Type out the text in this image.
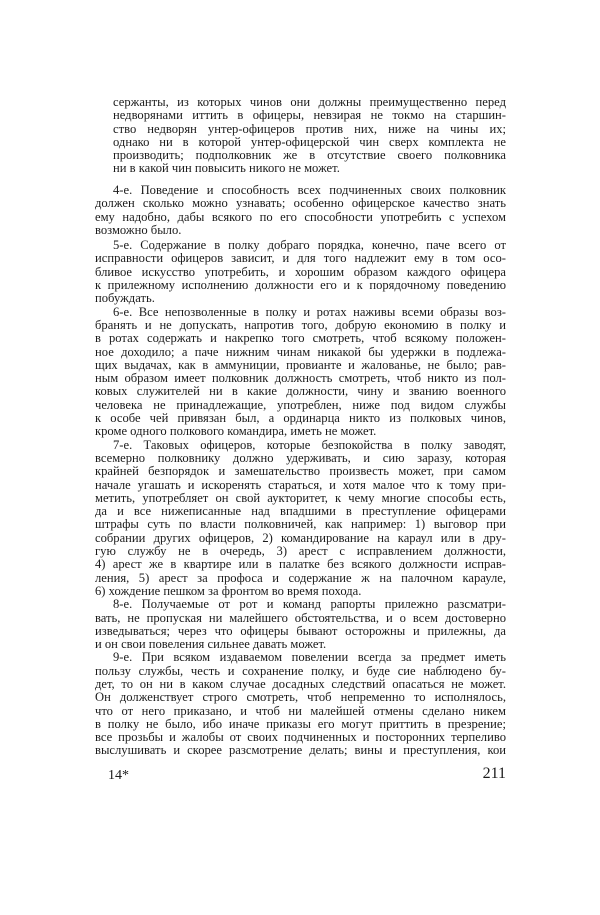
сержанты, из которых чинов они должны преимущественно перед
недворянами иттить в офицеры, невзирая не токмо на старшин-
ство недворян унтер-офицеров против них, ниже на чины их;
однако ни в которой унтер-офицерской чин сверх комплекта не
производить; подполковник же в отсутствие своего полковника
ни в какой чин повысить никого не может.
4-е. Поведение и способность всех подчиненных своих полковник
должен сколько можно узнавать; особенно офицерское качество знать
ему надобно, дабы всякого по его способности употребить с успехом
возможно было.
5-е. Содержание в полку добраго порядка, конечно, паче всего от
исправности офицеров зависит, и для того надлежит ему в том осо-
бливое искусство употребить, и хорошим образом каждого офицера
к прилежному исполнению должности его и к порядочному поведению
побуждать.
6-е. Все непозволенные в полку и ротах наживы всеми образы воз-
бранять и не допускать, напротив того, добрую економию в полку и
в ротах содержать и накрепко того смотреть, чтоб всякому положен-
ное доходило; а паче нижним чинам никакой бы удержки в подлежа-
щих выдачах, как в аммуниции, провианте и жалованье, не было; рав-
ным образом имеет полковник должность смотреть, чтоб никто из пол-
ковых служителей ни в какие должности, чину и званию военного
человека не принадлежащие, употреблен, ниже под видом службы
к особе чей привязан был, а ординарца никто из полковых чинов,
кроме одного полкового командира, иметь не может.
7-е. Таковых офицеров, которые безпокойства в полку заводят,
всемерно полковнику должно удерживать, и сию заразу, которая
крайней безпорядок и замешательство произвесть может, при самом
начале угашать и искоренять стараться, и хотя малое что к тому при-
метить, употребляет он свой аукторитет, к чему многие способы есть,
да и все нижеписанные над впадшими в преступление офицерами
штрафы суть по власти полковничей, как например: 1) выговор при
собрании других офицеров, 2) командирование на караул или в дру-
гую службу не в очередь, 3) арест с исправлением должности,
4) арест же в квартире или в палатке без всякого должности исправ-
ления, 5) арест за профоса и содержание ж на палочном карауле,
6) хождение пешком за фронтом во время похода.
8-е. Получаемые от рот и команд рапорты прилежно разсматри-
вать, не пропуская ни малейшего обстоятельства, и о всем достоверно
изведываться; через что офицеры бывают осторожны и прилежны, да
и он свои повеления сильнее давать может.
9-е. При всяком издаваемом повелении всегда за предмет иметь
пользу службы, честь и сохранение полку, и буде сие наблюдено бу-
дет, то он ни в каком случае досадных следствий опасаться не может.
Он долженствует строго смотреть, чтоб непременно то исполнялось,
что от него приказано, и чтоб ни малейшей отмены сделано никем
в полку не было, ибо иначе приказы его могут приттить в презрение;
все прозьбы и жалобы от своих подчиненных и посторонних терпеливо
выслушивать и скорее разсмотрение делать; вины и преступления, кои
14*	211
